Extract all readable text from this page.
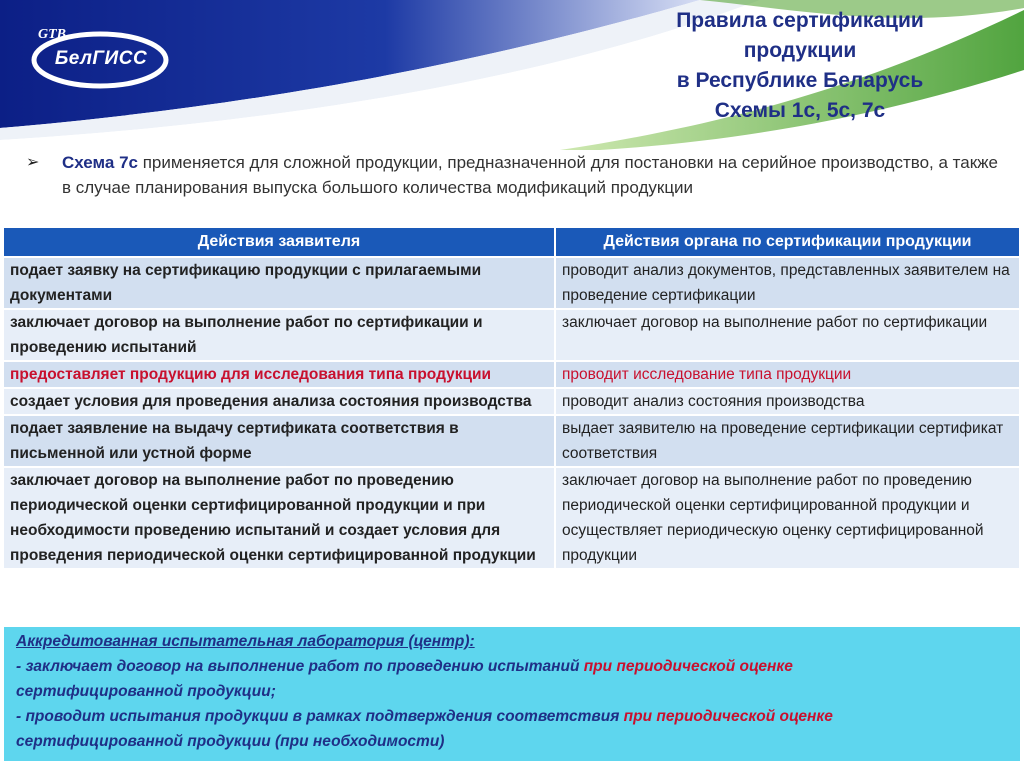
GTB
БелГИСС
Правила сертификации
продукции
в Республике Беларусь
Схемы 1с, 5с, 7с
➢ Схема 7с применяется для сложной продукции, предназначенной для постановки на серийное производство, а также в случае планирования выпуска большого количества модификаций продукции
Действия заявителя	Действия органа по сертификации продукции
подает заявку на сертификацию продукции с прилагаемыми документами	проводит анализ документов, представленных заявителем на проведение сертификации
заключает договор на выполнение работ по сертификации и проведению испытаний	заключает договор на выполнение работ по сертификации
предоставляет продукцию для исследования типа продукции	проводит исследование типа продукции
создает условия для проведения анализа состояния производства	проводит анализ состояния производства
подает заявление на выдачу сертификата соответствия в письменной или устной форме	выдает заявителю на проведение сертификации сертификат соответствия
заключает договор на выполнение работ по проведению периодической оценки сертифицированной продукции и при необходимости проведению испытаний и создает условия для проведения периодической оценки сертифицированной продукции	заключает договор на выполнение работ по проведению периодической оценки сертифицированной продукции и осуществляет периодическую оценку сертифицированной продукции
Аккредитованная испытательная лаборатория (центр):
- заключает договор на выполнение работ по проведению испытаний при периодической оценке
сертифицированной продукции;
- проводит испытания продукции в рамках подтверждения соответствия при периодической оценке
сертифицированной продукции (при необходимости)
